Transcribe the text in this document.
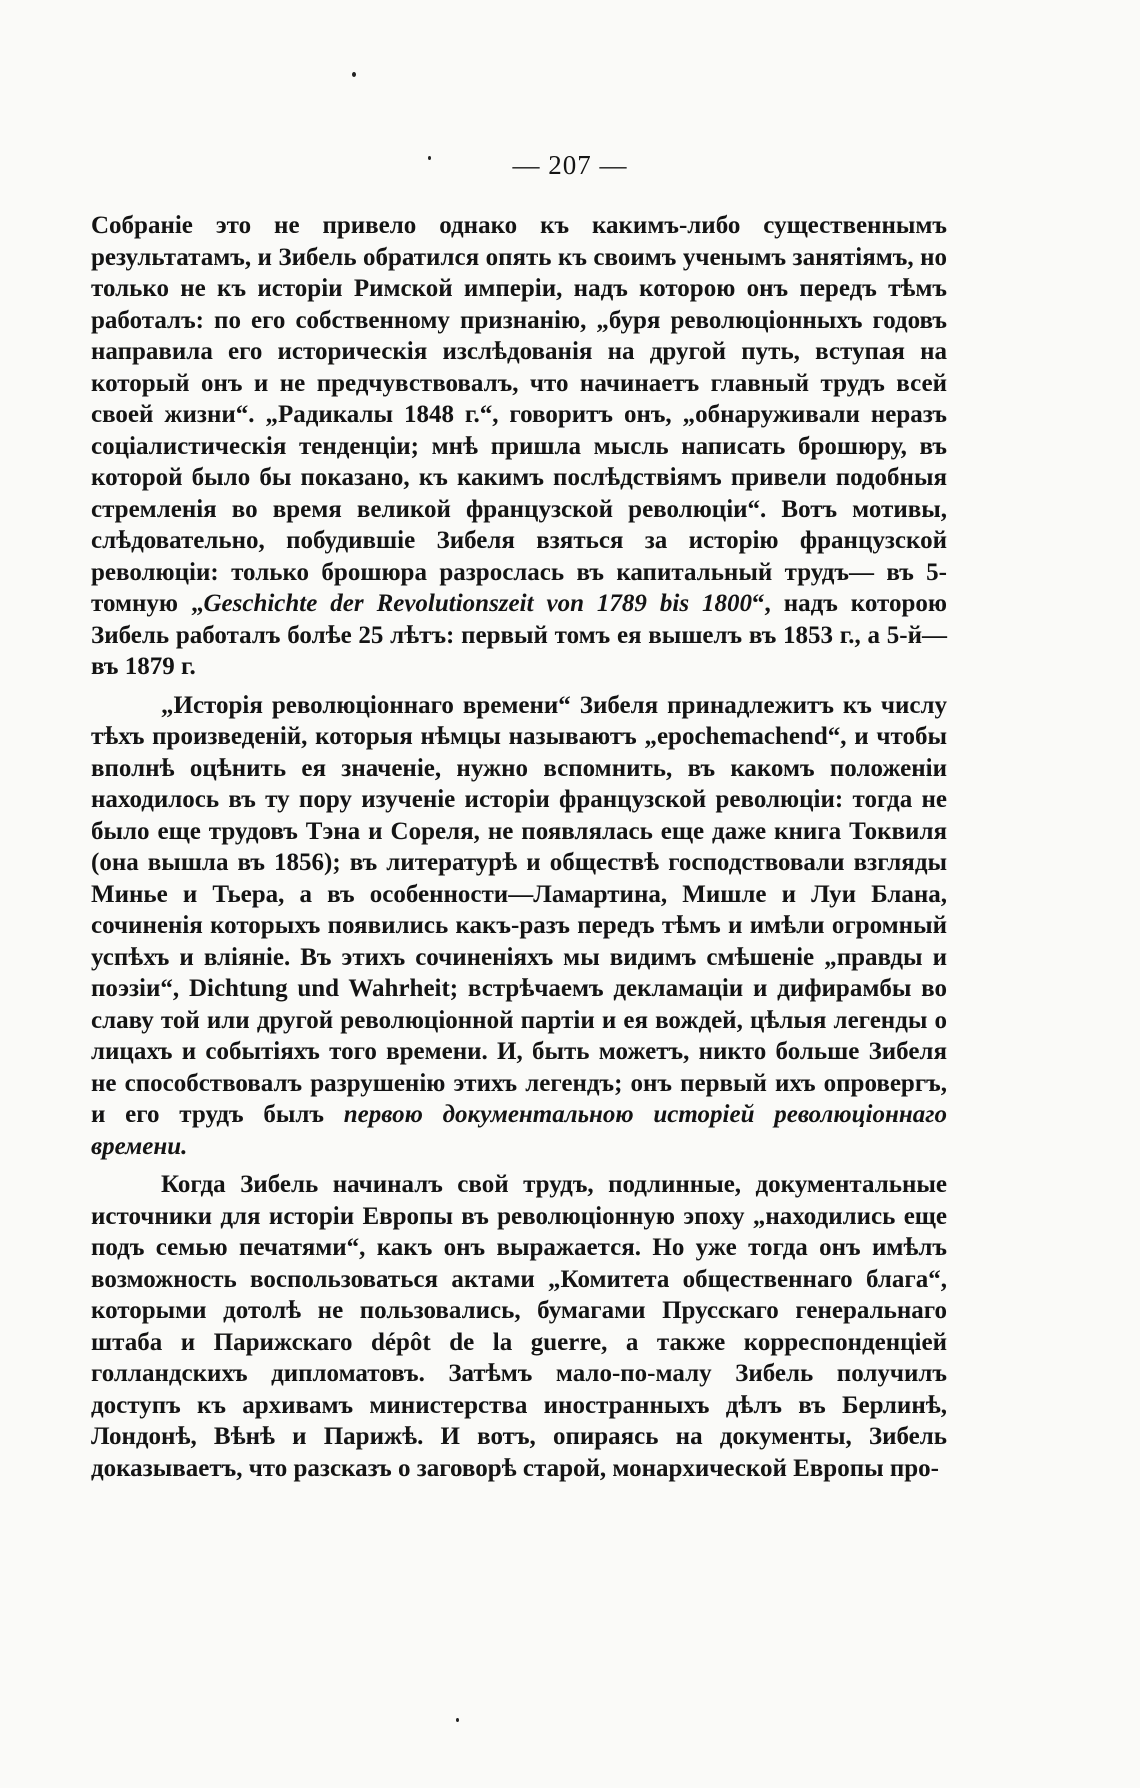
— 207 —

Собраніе это не привело однако къ какимъ-либо существеннымъ результатамъ, и Зибель обратился опять къ своимъ ученымъ занятіямъ, но только не къ исторіи Римской имперіи, надъ которою онъ передъ тѣмъ работалъ: по его собственному признанію, „буря революціонныхъ годовъ направила его историческія изслѣдованія на другой путь, вступая на который онъ и не предчувствовалъ, что начинаетъ главный трудъ всей своей жизни“. „Радикалы 1848 г.“, говоритъ онъ, „обнаруживали неразъ соціалистическія тенденціи; мнѣ пришла мысль написать брошюру, въ которой было бы показано, къ какимъ послѣдствіямъ привели подобныя стремленія во время великой французской революціи“. Вотъ мотивы, слѣдовательно, побудившіе Зибеля взяться за исторію французской революціи: только брошюра разрослась въ капитальный трудъ— въ 5-томную „Geschichte der Revolutionszeit von 1789 bis 1800“, надъ которою Зибель работалъ болѣе 25 лѣтъ: первый томъ ея вышелъ въ 1853 г., а 5-й—въ 1879 г.

„Исторія революціоннаго времени“ Зибеля принадлежитъ къ числу тѣхъ произведеній, которыя нѣмцы называютъ „epochemachend“, и чтобы вполнѣ оцѣнить ея значеніе, нужно вспомнить, въ какомъ положеніи находилось въ ту пору изученіе исторіи французской революціи: тогда не было еще трудовъ Тэна и Сореля, не появлялась еще даже книга Токвиля (она вышла въ 1856); въ литературѣ и обществѣ господствовали взгляды Минье и Тьера, а въ особенности—Ламартина, Мишле и Луи Блана, сочиненія которыхъ появились какъ-разъ передъ тѣмъ и имѣли огромный успѣхъ и вліяніе. Въ этихъ сочиненіяхъ мы видимъ смѣшеніе „правды и поэзіи“, Dichtung und Wahrheit; встрѣчаемъ декламаціи и дифирамбы во славу той или другой революціонной партіи и ея вождей, цѣлыя легенды о лицахъ и событіяхъ того времени. И, быть можетъ, никто больше Зибеля не способствовалъ разрушенію этихъ легендъ; онъ первый ихъ опровергъ, и его трудъ былъ первою документальною исторіей революціоннаго времени.

Когда Зибель начиналъ свой трудъ, подлинные, документальные источники для исторіи Европы въ революціонную эпоху „находились еще подъ семью печатями“, какъ онъ выражается. Но уже тогда онъ имѣлъ возможность воспользоваться актами „Комитета общественнаго блага“, которыми дотолѣ не пользовались, бумагами Прусскаго генеральнаго штаба и Парижскаго dépôt de la guerre, а также корреспонденціей голландскихъ дипломатовъ. Затѣмъ мало-по-малу Зибель получилъ доступъ къ архивамъ министерства иностранныхъ дѣлъ въ Берлинѣ, Лондонѣ, Вѣнѣ и Парижѣ. И вотъ, опираясь на документы, Зибель доказываетъ, что разсказъ о заговорѣ старой, монархической Европы про-
